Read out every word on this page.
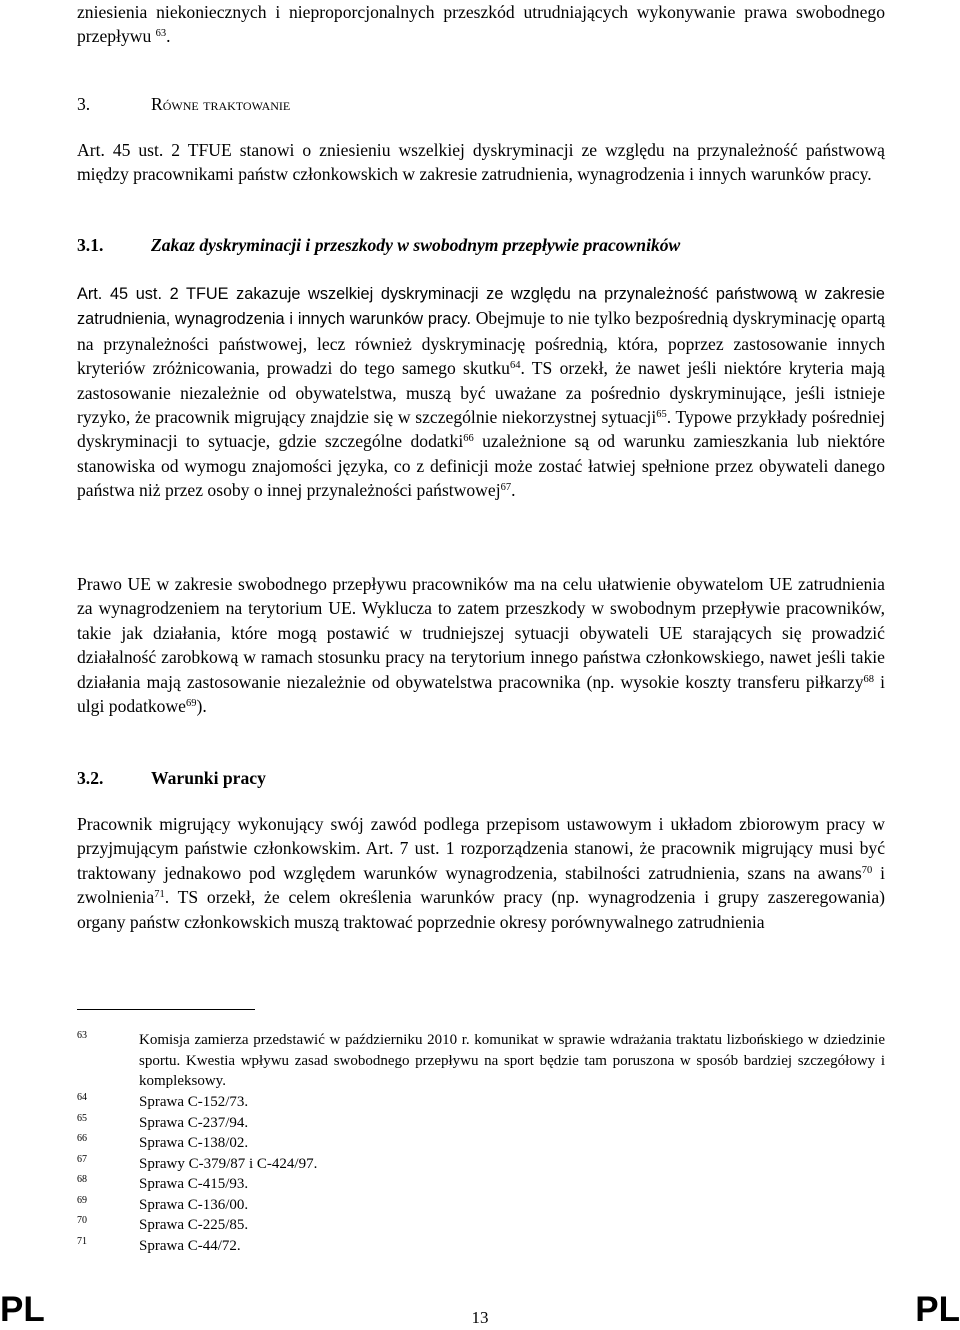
zniesienia niekoniecznych i nieproporcjonalnych przeszkód utrudniających wykonywanie prawa swobodnego przepływu $^{63}$.

3.	Równe traktowanie

Art. 45 ust. 2 TFUE stanowi o zniesieniu wszelkiej dyskryminacji ze względu na przynależność państwową między pracownikami państw członkowskich w zakresie zatrudnienia, wynagrodzenia i innych warunków pracy.

3.1.	Zakaz dyskryminacji i przeszkody w swobodnym przepływie pracowników

Art. 45 ust. 2 TFUE zakazuje wszelkiej dyskryminacji ze względu na przynależność państwową w zakresie zatrudnienia, wynagrodzenia i innych warunków pracy. Obejmuje to nie tylko bezpośrednią dyskryminację opartą na przynależności państwowej, lecz również dyskryminację pośrednią, która, poprzez zastosowanie innych kryteriów zróżnicowania, prowadzi do tego samego skutku$^{64}$. TS orzekł, że nawet jeśli niektóre kryteria mają zastosowanie niezależnie od obywatelstwa, muszą być uważane za pośrednio dyskryminujące, jeśli istnieje ryzyko, że pracownik migrujący znajdzie się w szczególnie niekorzystnej sytuacji$^{65}$. Typowe przykłady pośredniej dyskryminacji to sytuacje, gdzie szczególne dodatki$^{66}$ uzależnione są od warunku zamieszkania lub niektóre stanowiska od wymogu znajomości języka, co z definicji może zostać łatwiej spełnione przez obywateli danego państwa niż przez osoby o innej przynależności państwowej$^{67}$.

Prawo UE w zakresie swobodnego przepływu pracowników ma na celu ułatwienie obywatelom UE zatrudnienia za wynagrodzeniem na terytorium UE. Wyklucza to zatem przeszkody w swobodnym przepływie pracowników, takie jak działania, które mogą postawić w trudniejszej sytuacji obywateli UE starających się prowadzić działalność zarobkową w ramach stosunku pracy na terytorium innego państwa członkowskiego, nawet jeśli takie działania mają zastosowanie niezależnie od obywatelstwa pracownika (np. wysokie koszty transferu piłkarzy$^{68}$ i ulgi podatkowe$^{69}$).

3.2.	Warunki pracy

Pracownik migrujący wykonujący swój zawód podlega przepisom ustawowym i układom zbiorowym pracy w przyjmującym państwie członkowskim. Art. 7 ust. 1 rozporządzenia stanowi, że pracownik migrujący musi być traktowany jednakowo pod względem warunków wynagrodzenia, stabilności zatrudnienia, szans na awans$^{70}$ i zwolnienia$^{71}$. TS orzekł, że celem określenia warunków pracy (np. wynagrodzenia i grupy zaszeregowania) organy państw członkowskich muszą traktować poprzednie okresy porównywalnego zatrudnienia

63	Komisja zamierza przedstawić w październiku 2010 r. komunikat w sprawie wdrażania traktatu lizbońskiego w dziedzinie sportu. Kwestia wpływu zasad swobodnego przepływu na sport będzie tam poruszona w sposób bardziej szczegółowy i kompleksowy.
64	Sprawa C-152/73.
65	Sprawa C-237/94.
66	Sprawa C-138/02.
67	Sprawy C-379/87 i C-424/97.
68	Sprawa C-415/93.
69	Sprawa C-136/00.
70	Sprawa C-225/85.
71	Sprawa C-44/72.
PL	13	PL
